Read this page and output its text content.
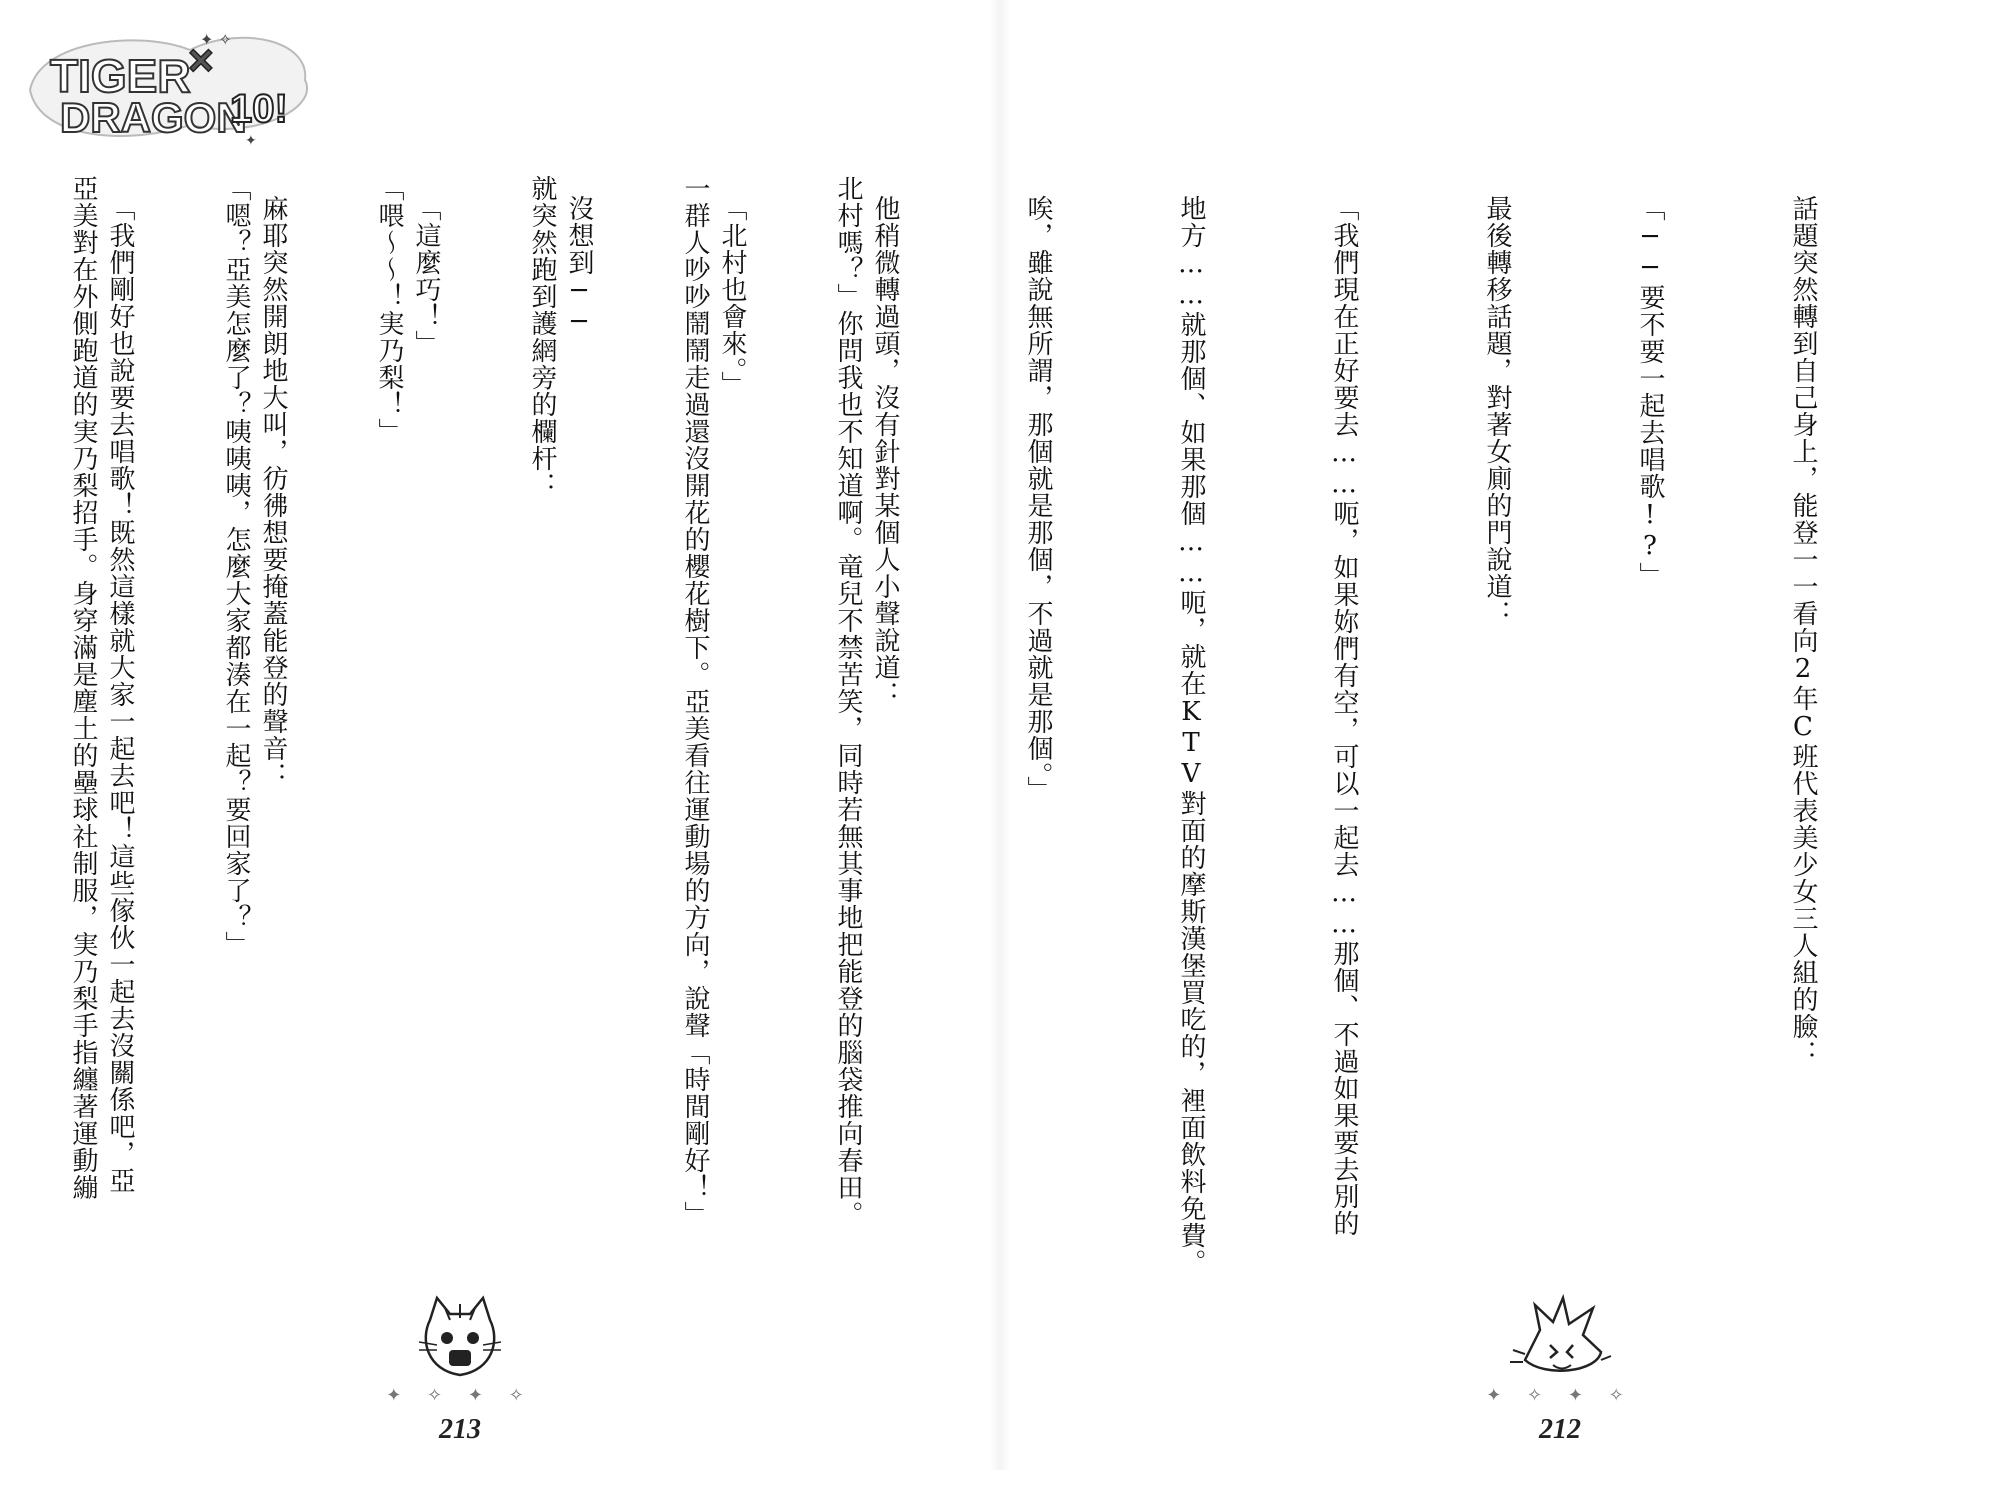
TIGER
DRAGON
×
10!
✦ ✧
✦

話題突然轉到自己身上，能登一一看向2年C班代表美少女三人組的臉：

「──要不要一起去唱歌!?」

最後轉移話題，對著女廁的門說道：

「我們現在正好要去……呃，如果妳們有空，可以一起去……那個、不過如果要去別的

地方……就那個、如果那個……呃，就在KTV對面的摩斯漢堡買吃的，裡面飲料免費。

唉，雖說無所謂，那個就是那個，不過就是那個。」

他稍微轉過頭，沒有針對某個人小聲說道：

「北村也會來。」

沒想到──

「這麼巧！」

麻耶突然開朗地大叫，彷彿想要掩蓋能登的聲音：

「我們剛好也說要去唱歌！既然這樣就大家一起去吧！這些傢伙一起去沒關係吧，亞

	北村嗎？」你問我也不知道啊。竜兒不禁苦笑，同時若無其事地把能登的腦袋推向春田。

一群人吵吵鬧鬧走過還沒開花的櫻花樹下。亞美看往運動場的方向，說聲「時間剛好！」

就突然跑到護網旁的欄杆：

「喂～～！実乃梨！」

「嗯？亞美怎麼了？咦咦咦，怎麼大家都湊在一起？要回家了？」

亞美對在外側跑道的実乃梨招手。身穿滿是塵土的壘球社制服，実乃梨手指纏著運動繃

✦ ✧ ✦ ✧
213
✦ ✧ ✦ ✧
212
